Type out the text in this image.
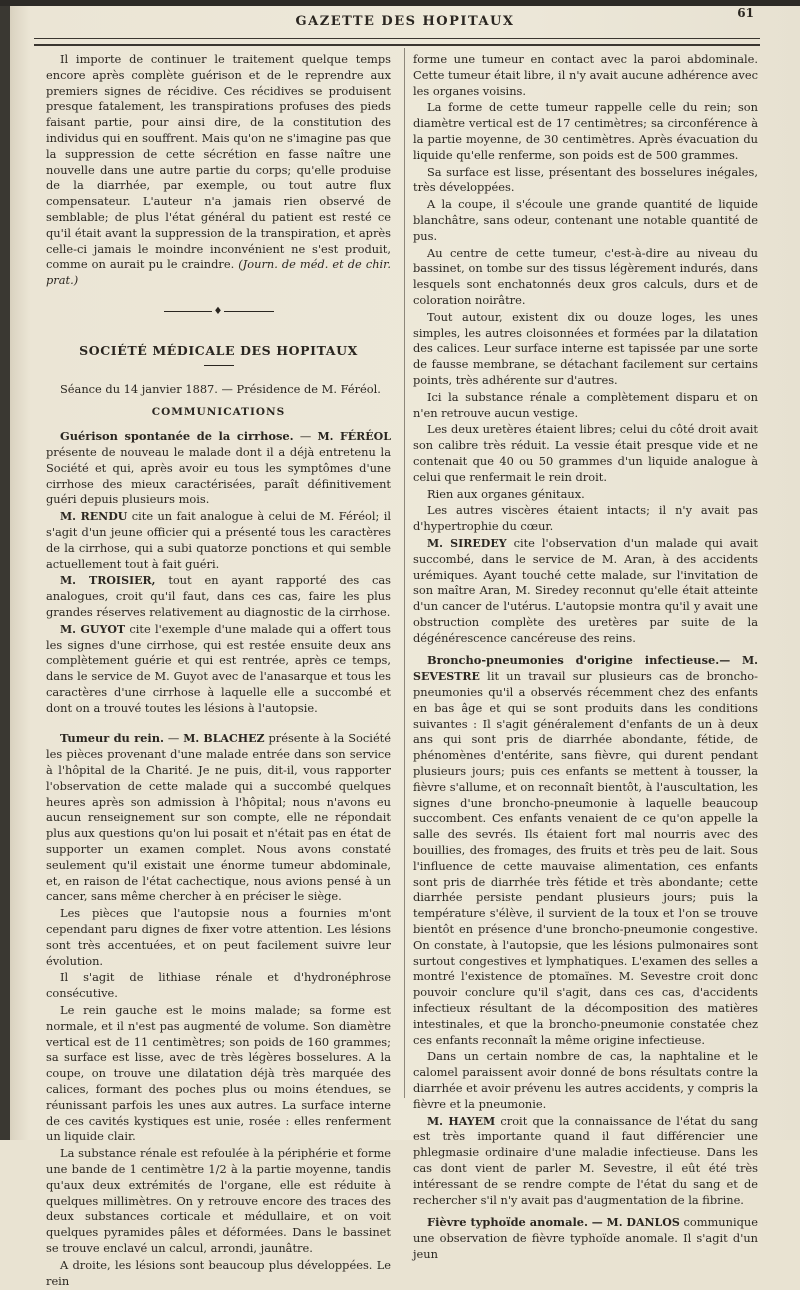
GAZETTE DES HOPITAUX
61

Il importe de continuer le traitement quelque temps encore après complète guérison et de le reprendre aux premiers signes de récidive. Ces récidives se produisent presque fatalement, les transpirations profuses des pieds faisant partie, pour ainsi dire, de la constitution des individus qui en souffrent. Mais qu'on ne s'imagine pas que la suppression de cette sécrétion en fasse naître une nouvelle dans une autre partie du corps; qu'elle produise de la diarrhée, par exemple, ou tout autre flux compensateur. L'auteur n'a jamais rien observé de semblable; de plus l'état général du patient est resté ce qu'il était avant la suppression de la transpiration, et après celle-ci jamais le moindre inconvénient ne s'est produit, comme on aurait pu le craindre. (Journ. de méd. et de chir. prat.)

♦
SOCIÉTÉ MÉDICALE DES HOPITAUX

Séance du 14 janvier 1887. — Présidence de M. Féréol.

COMMUNICATIONS

Guérison spontanée de la cirrhose. — M. FÉRÉOL présente de nouveau le malade dont il a déjà entretenu la Société et qui, après avoir eu tous les symptômes d'une cirrhose des mieux caractérisées, paraît définitivement guéri depuis plusieurs mois.

M. RENDU cite un fait analogue à celui de M. Féréol; il s'agit d'un jeune officier qui a présenté tous les caractères de la cirrhose, qui a subi quatorze ponctions et qui semble actuellement tout à fait guéri.

M. TROISIER, tout en ayant rapporté des cas analogues, croit qu'il faut, dans ces cas, faire les plus grandes réserves relativement au diagnostic de la cirrhose.

M. GUYOT cite l'exemple d'une malade qui a offert tous les signes d'une cirrhose, qui est restée ensuite deux ans complètement guérie et qui est rentrée, après ce temps, dans le service de M. Guyot avec de l'anasarque et tous les caractères d'une cirrhose à laquelle elle a succombé et dont on a trouvé toutes les lésions à l'autopsie.

Tumeur du rein. — M. BLACHEZ présente à la Société les pièces provenant d'une malade entrée dans son service à l'hôpital de la Charité. Je ne puis, dit-il, vous rapporter l'observation de cette malade qui a succombé quelques heures après son admission à l'hôpital; nous n'avons eu aucun renseignement sur son compte, elle ne répondait plus aux questions qu'on lui posait et n'était pas en état de supporter un examen complet. Nous avons constaté seulement qu'il existait une énorme tumeur abdominale, et, en raison de l'état cachectique, nous avions pensé à un cancer, sans même chercher à en préciser le siège.

Les pièces que l'autopsie nous a fournies m'ont cependant paru dignes de fixer votre attention. Les lésions sont très accentuées, et on peut facilement suivre leur évolution.

Il s'agit de lithiase rénale et d'hydronéphrose consécutive.

Le rein gauche est le moins malade; sa forme est normale, et il n'est pas augmenté de volume. Son diamètre vertical est de 11 centimètres; son poids de 160 grammes; sa surface est lisse, avec de très légères bosselures. A la coupe, on trouve une dilatation déjà très marquée des calices, formant des poches plus ou moins étendues, se réunissant parfois les unes aux autres. La surface interne de ces cavités kystiques est unie, rosée : elles renferment un liquide clair.

La substance rénale est refoulée à la périphérie et forme une bande de 1 centimètre 1/2 à la partie moyenne, tandis qu'aux deux extrémités de l'organe, elle est réduite à quelques millimètres. On y retrouve encore des traces des deux substances corticale et médullaire, et on voit quelques pyramides pâles et déformées. Dans le bassinet se trouve enclavé un calcul, arrondi, jaunâtre.

A droite, les lésions sont beaucoup plus développées. Le rein

forme une tumeur en contact avec la paroi abdominale. Cette tumeur était libre, il n'y avait aucune adhérence avec les organes voisins.

La forme de cette tumeur rappelle celle du rein; son diamètre vertical est de 17 centimètres; sa circonférence à la partie moyenne, de 30 centimètres. Après évacuation du liquide qu'elle renferme, son poids est de 500 grammes.

Sa surface est lisse, présentant des bosselures inégales, très développées.

A la coupe, il s'écoule une grande quantité de liquide blanchâtre, sans odeur, contenant une notable quantité de pus.

Au centre de cette tumeur, c'est-à-dire au niveau du bassinet, on tombe sur des tissus légèrement indurés, dans lesquels sont enchatonnés deux gros calculs, durs et de coloration noirâtre.

Tout autour, existent dix ou douze loges, les unes simples, les autres cloisonnées et formées par la dilatation des calices. Leur surface interne est tapissée par une sorte de fausse membrane, se détachant facilement sur certains points, très adhérente sur d'autres.

Ici la substance rénale a complètement disparu et on n'en retrouve aucun vestige.

Les deux uretères étaient libres; celui du côté droit avait son calibre très réduit. La vessie était presque vide et ne contenait que 40 ou 50 grammes d'un liquide analogue à celui que renfermait le rein droit.

Rien aux organes génitaux.

Les autres viscères étaient intacts; il n'y avait pas d'hypertrophie du cœur.

M. SIREDEY cite l'observation d'un malade qui avait succombé, dans le service de M. Aran, à des accidents urémiques. Ayant touché cette malade, sur l'invitation de son maître Aran, M. Siredey reconnut qu'elle était atteinte d'un cancer de l'utérus. L'autopsie montra qu'il y avait une obstruction complète des uretères par suite de la dégénérescence cancéreuse des reins.

Broncho-pneumonies d'origine infectieuse.— M. SEVESTRE lit un travail sur plusieurs cas de broncho-pneumonies qu'il a observés récemment chez des enfants en bas âge et qui se sont produits dans les conditions suivantes : Il s'agit généralement d'enfants de un à deux ans qui sont pris de diarrhée abondante, fétide, de phénomènes d'entérite, sans fièvre, qui durent pendant plusieurs jours; puis ces enfants se mettent à tousser, la fièvre s'allume, et on reconnaît bientôt, à l'auscultation, les signes d'une broncho-pneumonie à laquelle beaucoup succombent. Ces enfants venaient de ce qu'on appelle la salle des sevrés. Ils étaient fort mal nourris avec des bouillies, des fromages, des fruits et très peu de lait. Sous l'influence de cette mauvaise alimentation, ces enfants sont pris de diarrhée très fétide et très abondante; cette diarrhée persiste pendant plusieurs jours; puis la température s'élève, il survient de la toux et l'on se trouve bientôt en présence d'une broncho-pneumonie congestive. On constate, à l'autopsie, que les lésions pulmonaires sont surtout congestives et lymphatiques. L'examen des selles a montré l'existence de ptomaïnes. M. Sevestre croit donc pouvoir conclure qu'il s'agit, dans ces cas, d'accidents infectieux résultant de la décomposition des matières intestinales, et que la broncho-pneumonie constatée chez ces enfants reconnaît la même origine infectieuse.

Dans un certain nombre de cas, la naphtaline et le calomel paraissent avoir donné de bons résultats contre la diarrhée et avoir prévenu les autres accidents, y compris la fièvre et la pneumonie.

M. HAYEM croit que la connaissance de l'état du sang est très importante quand il faut différencier une phlegmasie ordinaire d'une maladie infectieuse. Dans les cas dont vient de parler M. Sevestre, il eût été très intéressant de se rendre compte de l'état du sang et de rechercher s'il n'y avait pas d'augmentation de la fibrine.

Fièvre typhoïde anomale. — M. DANLOS communique une observation de fièvre typhoïde anomale. Il s'agit d'un jeun
